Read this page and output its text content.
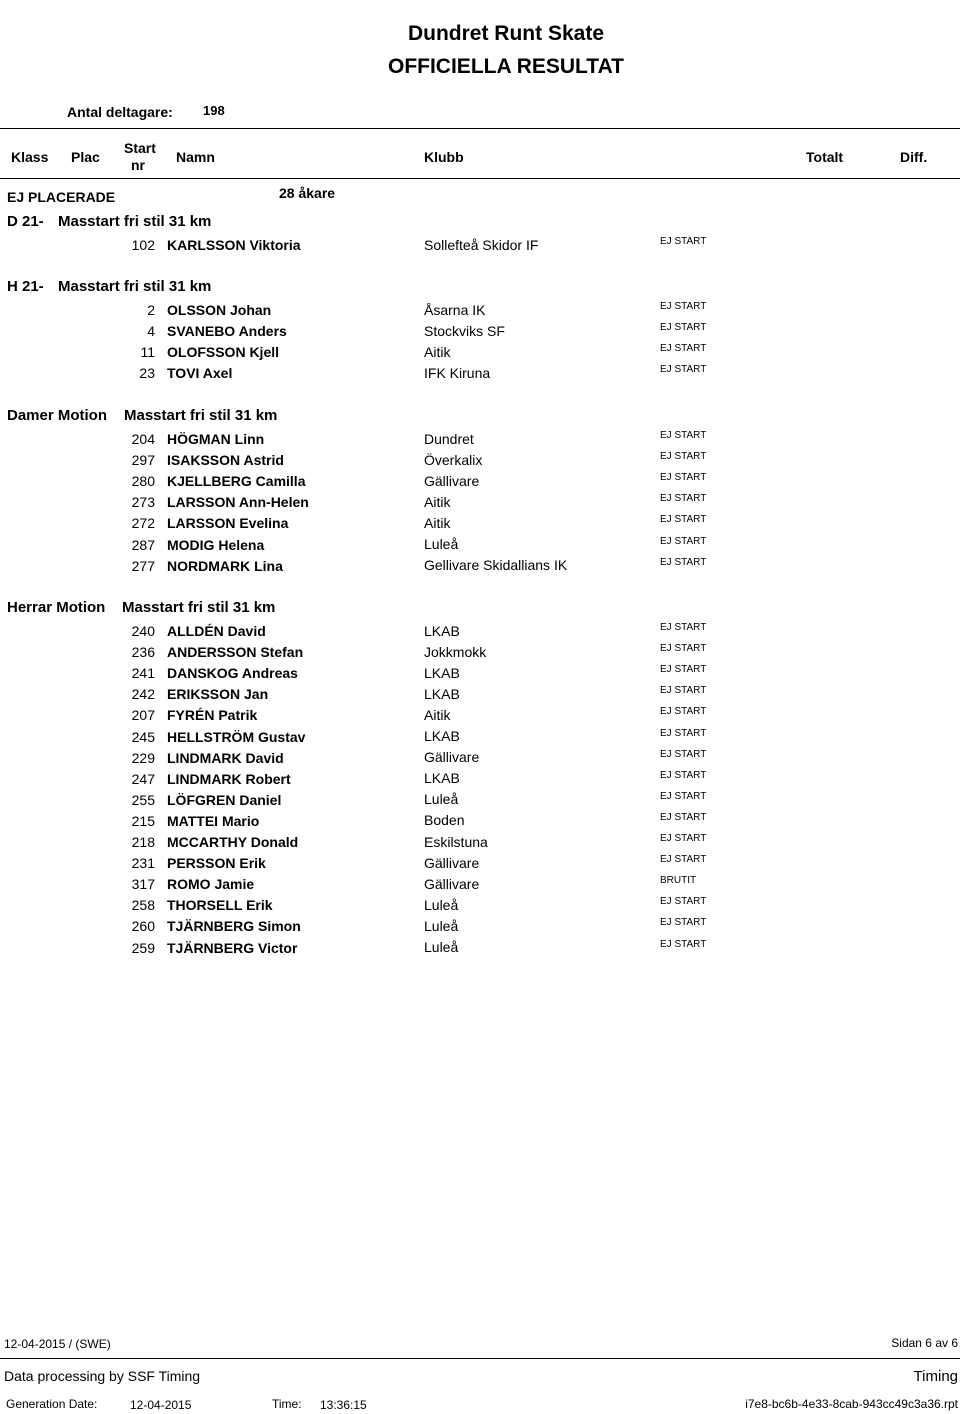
Dundret Runt Skate
OFFICIELLA RESULTAT
Antal deltagare: 198
Klass Plac
Start
nr Namn	Klubb	Totalt	Diff.
EJ PLACERADE	28 åkare
D 21- Masstart fri stil 31 km
102 KARLSSON Viktoria	Sollefteå Skidor IF	EJ START
H 21- Masstart fri stil 31 km
2 OLSSON Johan	Åsarna IK	EJ START
4 SVANEBO Anders	Stockviks SF	EJ START
11 OLOFSSON Kjell	Aitik	EJ START
23 TOVI Axel	IFK Kiruna	EJ START
Damer Motion Masstart fri stil 31 km
204 HÖGMAN Linn	Dundret	EJ START
297 ISAKSSON Astrid	Överkalix	EJ START
280 KJELLBERG Camilla	Gällivare	EJ START
273 LARSSON Ann-Helen	Aitik	EJ START
272 LARSSON Evelina	Aitik	EJ START
287 MODIG Helena	Luleå	EJ START
277 NORDMARK Lina	Gellivare Skidallians IK	EJ START
Herrar Motion Masstart fri stil 31 km
240 ALLDÉN David	LKAB	EJ START
236 ANDERSSON Stefan	Jokkmokk	EJ START
241 DANSKOG Andreas	LKAB	EJ START
242 ERIKSSON Jan	LKAB	EJ START
207 FYRÉN Patrik	Aitik	EJ START
245 HELLSTRÖM Gustav	LKAB	EJ START
229 LINDMARK David	Gällivare	EJ START
247 LINDMARK Robert	LKAB	EJ START
255 LÖFGREN Daniel	Luleå	EJ START
215 MATTEI Mario	Boden	EJ START
218 MCCARTHY Donald	Eskilstuna	EJ START
231 PERSSON Erik	Gällivare	EJ START
317 ROMO Jamie	Gällivare	BRUTIT
258 THORSELL Erik	Luleå	EJ START
260 TJÄRNBERG Simon	Luleå	EJ START
259 TJÄRNBERG Victor	Luleå	EJ START
12-04-2015 / (SWE)	Sidan 6 av 6
Data processing by SSF Timing	Timing
Generation Date:	12-04-2015	Time: 13:36:15	i7e8-bc6b-4e33-8cab-943cc49c3a36.rpt
